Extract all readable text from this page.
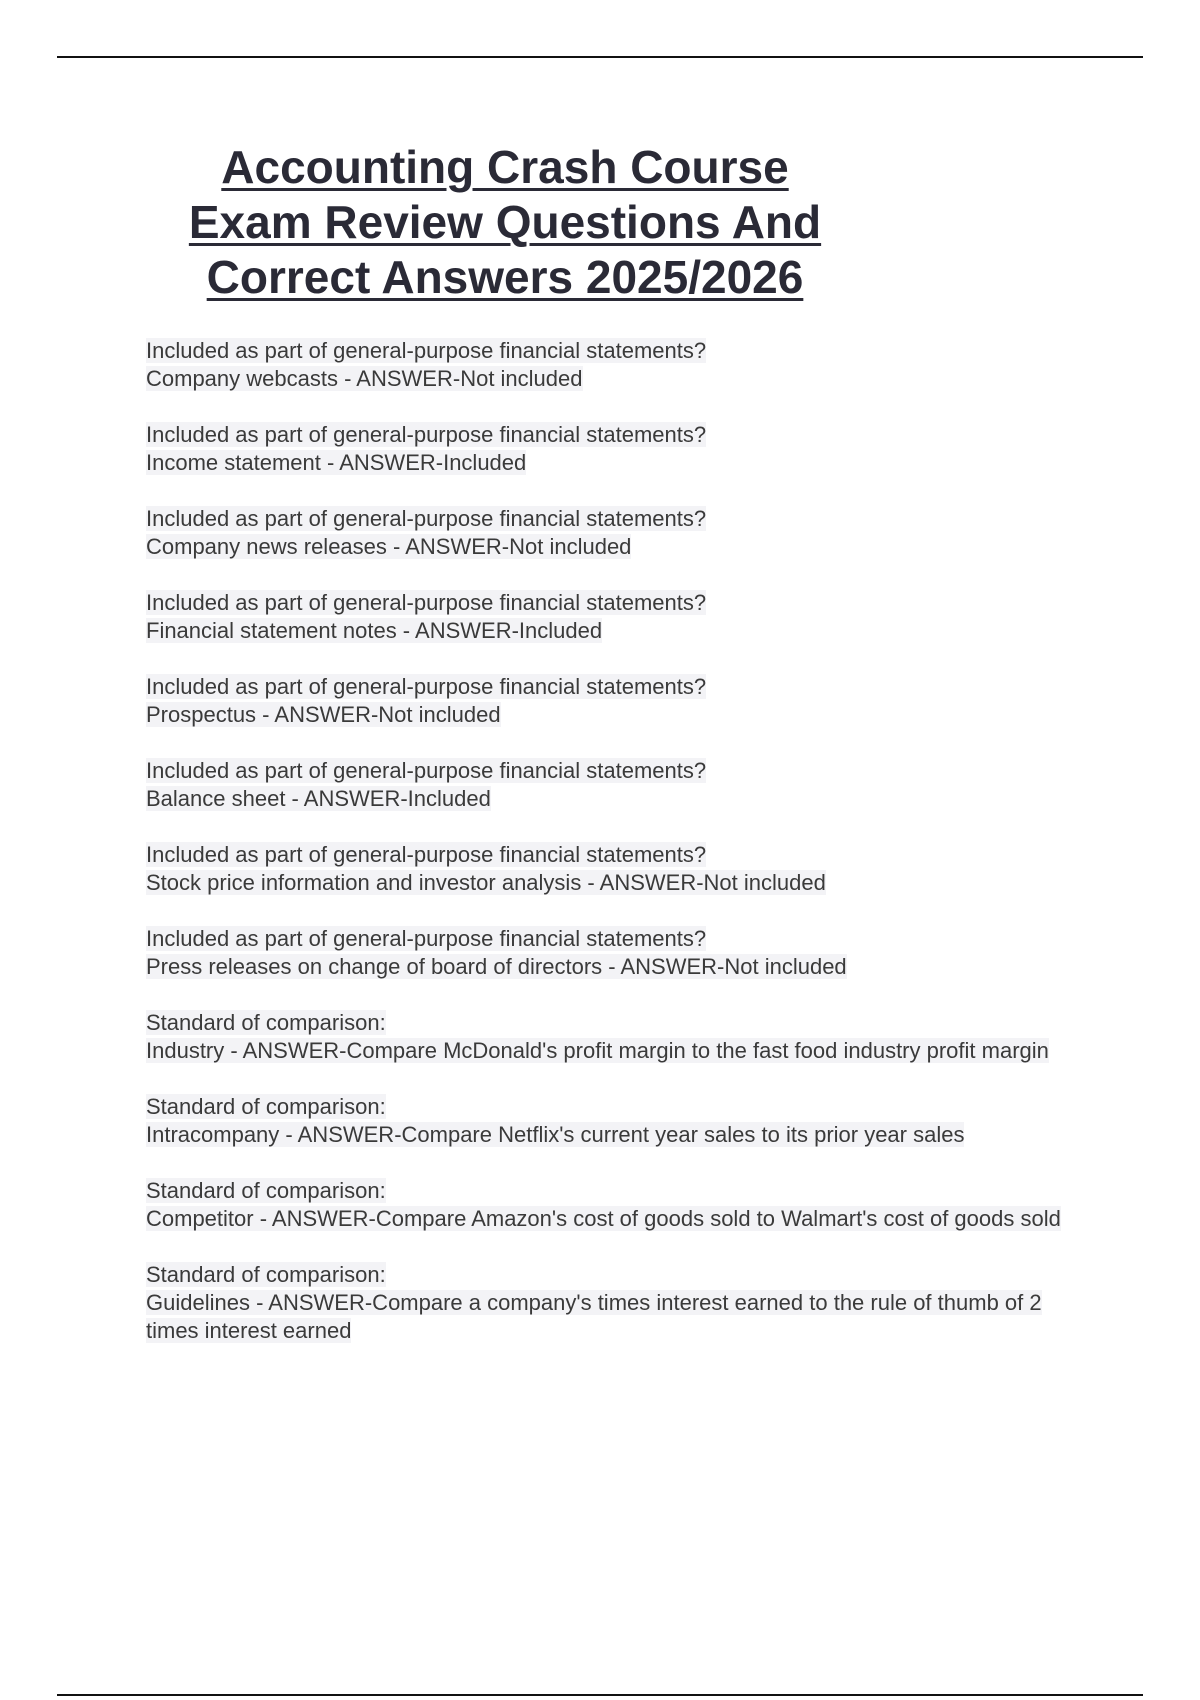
Accounting Crash Course
Exam Review Questions And
Correct Answers 2025/2026
Included as part of general-purpose financial statements?
Company webcasts - ANSWER-Not included
Included as part of general-purpose financial statements?
Income statement - ANSWER-Included
Included as part of general-purpose financial statements?
Company news releases - ANSWER-Not included
Included as part of general-purpose financial statements?
Financial statement notes - ANSWER-Included
Included as part of general-purpose financial statements?
Prospectus - ANSWER-Not included
Included as part of general-purpose financial statements?
Balance sheet - ANSWER-Included
Included as part of general-purpose financial statements?
Stock price information and investor analysis - ANSWER-Not included
Included as part of general-purpose financial statements?
Press releases on change of board of directors - ANSWER-Not included
Standard of comparison:
Industry - ANSWER-Compare McDonald's profit margin to the fast food industry profit margin
Standard of comparison:
Intracompany - ANSWER-Compare Netflix's current year sales to its prior year sales
Standard of comparison:
Competitor - ANSWER-Compare Amazon's cost of goods sold to Walmart's cost of goods sold
Standard of comparison:
Guidelines - ANSWER-Compare a company's times interest earned to the rule of thumb of 2 times interest earned
